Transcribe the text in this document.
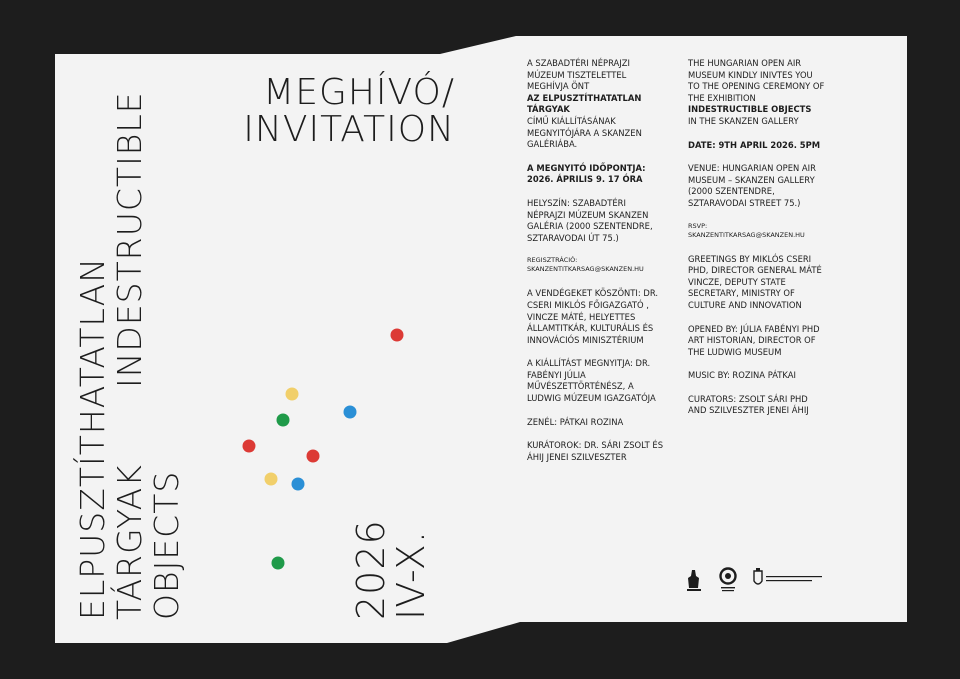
ELPUSZTÍTHATATLAN
TÁRGYAK
INDESTRUCTIBLE
2026
IV-X.
MEGHÍVÓ/
INVITATION
A SZABADTÉRI NÉPRAJZI MÚZEUM TISZTELETTEL MEGHÍVJA ÖNT
AZ ELPUSZTÍTHATATLAN TÁRGYAK
CÍMŰ KIÁLLÍTÁSÁNAK MEGNYITÓJÁRA A SKANZEN GALÉRIÁBA.
A MEGNYITÓ IDŐPONTJA:
2026. ÁPRILIS 9. 17 ÓRA
HELYSZÍN: SZABADTÉRI NÉPRAJZI MÚZEUM SKANZEN GALÉRIA (2000 SZENTENDRE, SZTARAVODAI ÚT 75.)
REGISZTRÁCIÓ:
SKANZENTITKARSAG@SKANZEN.HU
A VENDÉGEKET KÖSZÖNTI: DR. CSERI MIKLÓS FŐIGAZGATÓ , VINCZE MÁTÉ, HELYETTES ÁLLAMTITKÁR, KULTURÁLIS ÉS INNOVÁCIÓS MINISZTÉRIUM
A KIÁLLÍTÁST MEGNYITJA: DR. FABÉNYI JÚLIA MŰVÉSZETTÖRTÉNÉSZ, A LUDWIG MÚZEUM IGAZGATÓJA
ZENÉL: PÁTKAI ROZINA
KURÁTOROK: DR. SÁRI ZSOLT ÉS ÁHIJ JENEI SZILVESZTER
THE HUNGARIAN OPEN AIR MUSEUM KINDLY INIVTES YOU TO THE OPENING CEREMONY OF THE EXHIBITION
INDESTRUCTIBLE OBJECTS
IN THE SKANZEN GALLERY
DATE: 9TH APRIL 2026. 5PM
VENUE: HUNGARIAN OPEN AIR MUSEUM – SKANZEN GALLERY (2000 SZENTENDRE, SZTARAVODAI STREET 75.)
RSVP:
SKANZENTITKARSAG@SKANZEN.HU
GREETINGS BY MIKLÓS CSERI PHD, DIRECTOR GENERAL MÁTÉ VINCZE, DEPUTY STATE SECRETARY, MINISTRY OF CULTURE AND INNOVATION
OPENED BY: JÚLIA FABÉNYI PHD ART HISTORIAN, DIRECTOR OF THE LUDWIG MUSEUM
MUSIC BY: ROZINA PÁTKAI
CURATORS: ZSOLT SÁRI PHD AND SZILVESZTER JENEI ÁHIJ
OBJECTS
